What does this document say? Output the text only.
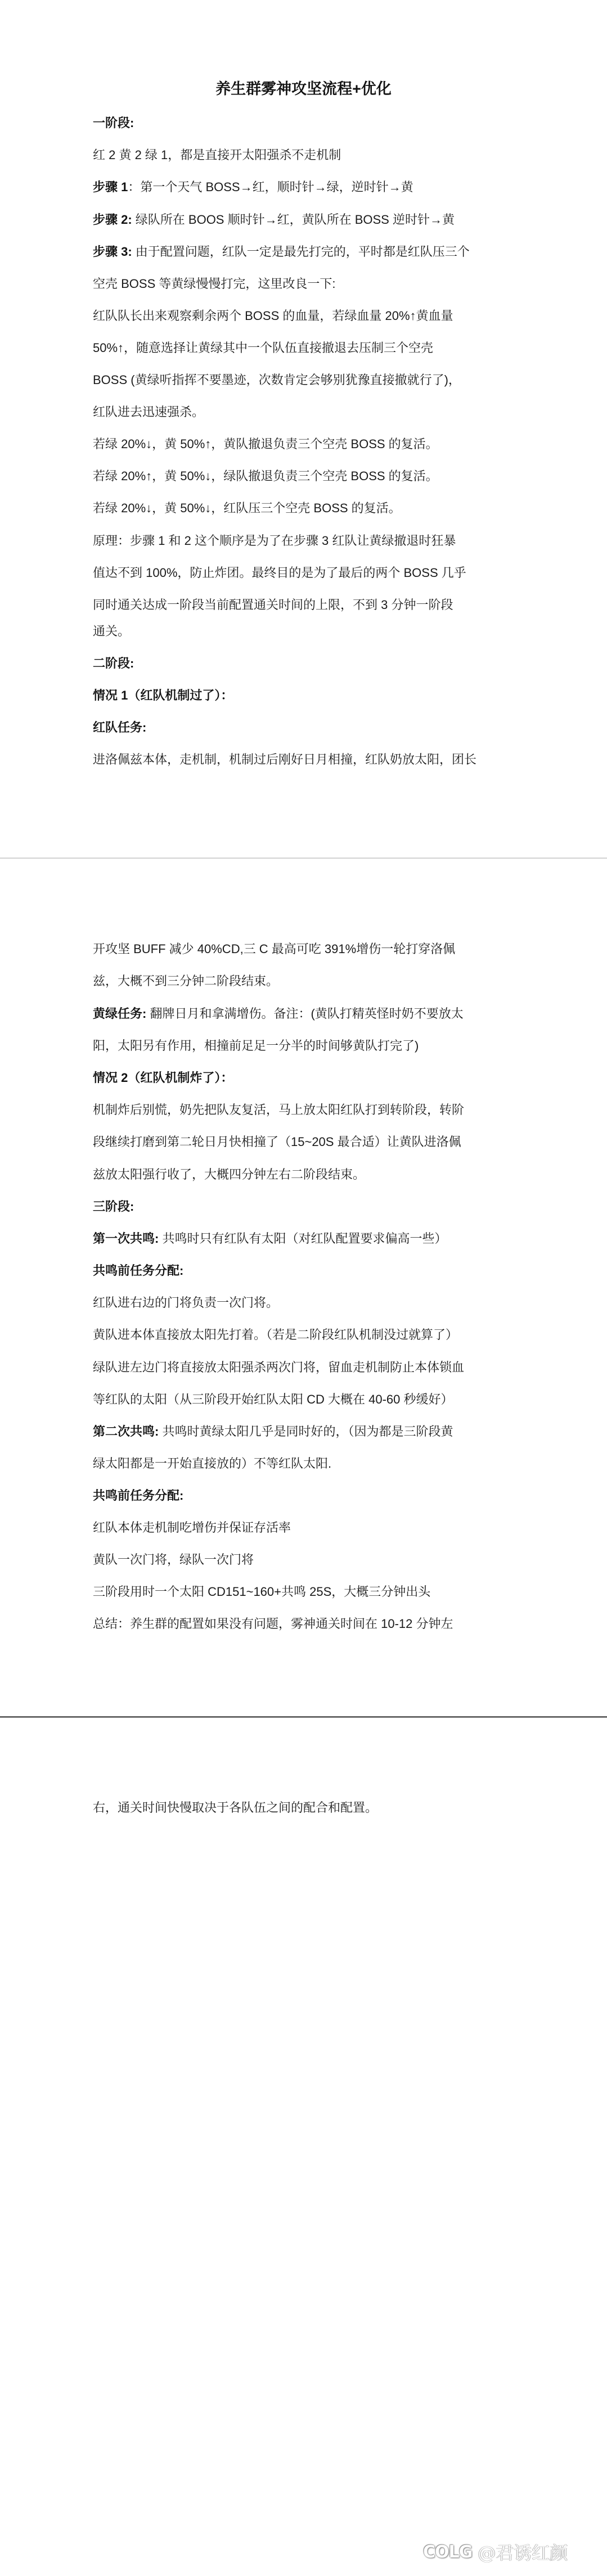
养生群雾神攻坚流程+优化
一阶段:
红 2 黄 2 绿 1，都是直接开太阳强杀不走机制
步骤 1：第一个天气 BOSS→红，顺时针→绿，逆时针→黄
步骤 2: 绿队所在 BOOS 顺时针→红，黄队所在 BOSS 逆时针→黄
步骤 3: 由于配置问题，红队一定是最先打完的，平时都是红队压三个
空壳 BOSS 等黄绿慢慢打完，这里改良一下:
红队队长出来观察剩余两个 BOSS 的血量，若绿血量 20%↑黄血量
50%↑，随意选择让黄绿其中一个队伍直接撤退去压制三个空壳
BOSS (黄绿听指挥不要墨迹，次数肯定会够别犹豫直接撤就行了)，
红队进去迅速强杀。
若绿 20%↓，黄 50%↑，黄队撤退负责三个空壳 BOSS 的复活。
若绿 20%↑，黄 50%↓，绿队撤退负责三个空壳 BOSS 的复活。
若绿 20%↓，黄 50%↓，红队压三个空壳 BOSS 的复活。
原理：步骤 1 和 2 这个顺序是为了在步骤 3 红队让黄绿撤退时狂暴
值达不到 100%，防止炸团。最终目的是为了最后的两个 BOSS 几乎
同时通关达成一阶段当前配置通关时间的上限，不到 3 分钟一阶段
通关。
二阶段:
情况 1（红队机制过了）：
红队任务:
进洛佩兹本体，走机制，机制过后刚好日月相撞，红队奶放太阳，团长
开攻坚 BUFF 减少 40%CD,三 C 最高可吃 391%增伤一轮打穿洛佩
兹，大概不到三分钟二阶段结束。
黄绿任务: 翻牌日月和拿满增伤。备注：(黄队打精英怪时奶不要放太
阳，太阳另有作用，相撞前足足一分半的时间够黄队打完了)
情况 2（红队机制炸了）：
机制炸后别慌，奶先把队友复活，马上放太阳红队打到转阶段，转阶
段继续打磨到第二轮日月快相撞了（15~20S 最合适）让黄队进洛佩
兹放太阳强行收了，大概四分钟左右二阶段结束。
三阶段:
第一次共鸣: 共鸣时只有红队有太阳（对红队配置要求偏高一些）
共鸣前任务分配:
红队进右边的门将负责一次门将。
黄队进本体直接放太阳先打着。（若是二阶段红队机制没过就算了）
绿队进左边门将直接放太阳强杀两次门将，留血走机制防止本体锁血
等红队的太阳（从三阶段开始红队太阳 CD 大概在 40-60 秒缓好）
第二次共鸣: 共鸣时黄绿太阳几乎是同时好的，（因为都是三阶段黄
绿太阳都是一开始直接放的）不等红队太阳.
共鸣前任务分配:
红队本体走机制吃增伤并保证存活率
黄队一次门将，绿队一次门将
三阶段用时一个太阳 CD151~160+共鸣 25S，大概三分钟出头
总结：养生群的配置如果没有问题，雾神通关时间在 10-12 分钟左
右，通关时间快慢取决于各队伍之间的配合和配置。
COLG @君诱红颜
